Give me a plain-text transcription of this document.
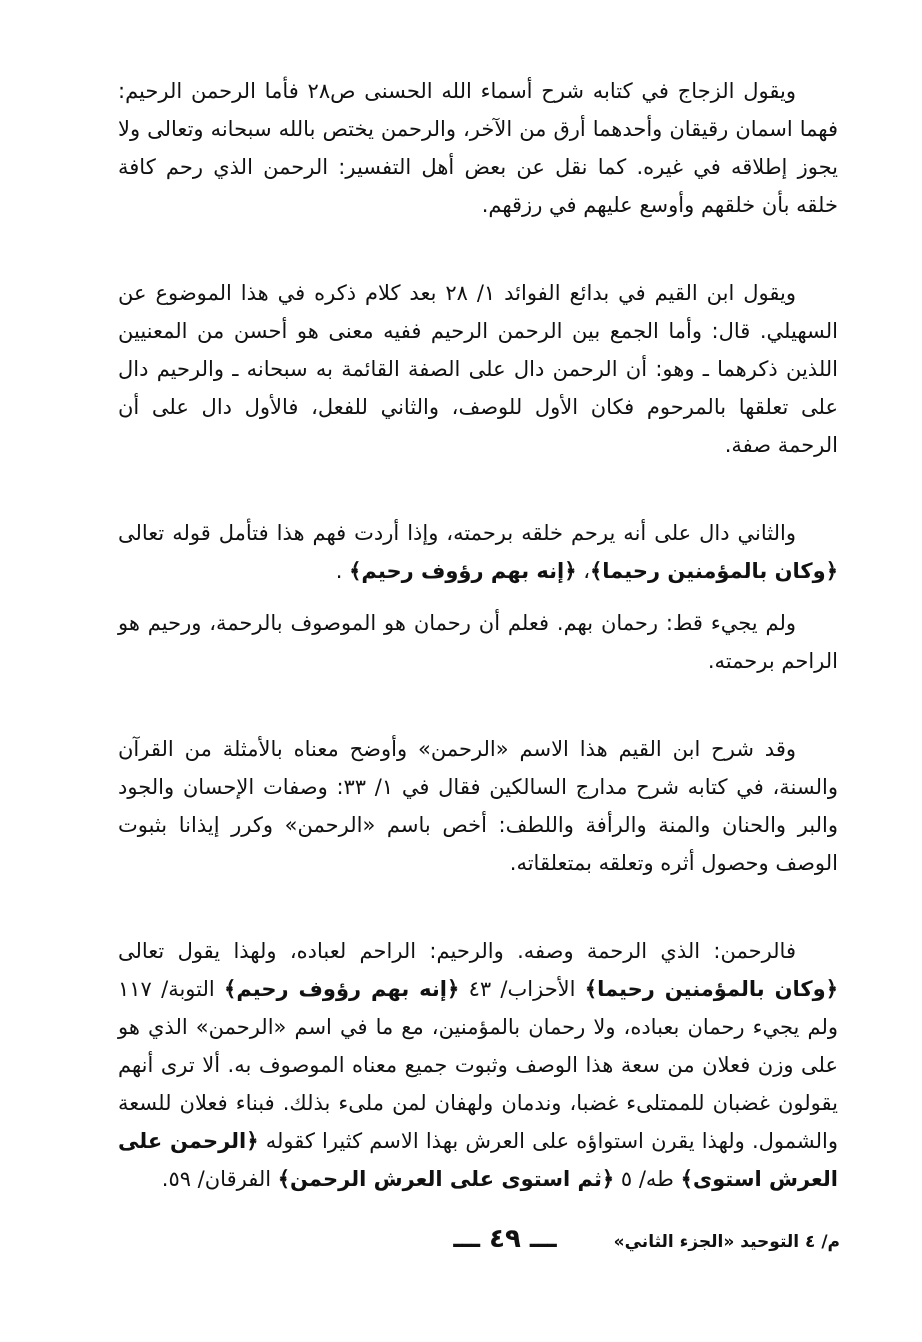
ويقول الزجاج في كتابه شرح أسماء الله الحسنى ص٢٨ فأما الرحمن الرحيم: فهما اسمان رقيقان وأحدهما أرق من الآخر، والرحمن يختص بالله سبحانه وتعالى ولا يجوز إطلاقه في غيره. كما نقل عن بعض أهل التفسير: الرحمن الذي رحم كافة خلقه بأن خلقهم وأوسع عليهم في رزقهم.

ويقول ابن القيم في بدائع الفوائد ١/ ٢٨ بعد كلام ذكره في هذا الموضوع عن السهيلي. قال: وأما الجمع بين الرحمن الرحيم ففيه معنى هو أحسن من المعنيين اللذين ذكرهما ـ وهو: أن الرحمن دال على الصفة القائمة به سبحانه ـ والرحيم دال على تعلقها بالمرحوم فكان الأول للوصف، والثاني للفعل، فالأول دال على أن الرحمة صفة.

والثاني دال على أنه يرحم خلقه برحمته، وإذا أردت فهم هذا فتأمل قوله تعالى ﴿وكان بالمؤمنين رحيما﴾، ﴿إنه بهم رؤوف رحيم﴾ .

ولم يجيء قط: رحمان بهم. فعلم أن رحمان هو الموصوف بالرحمة، ورحيم هو الراحم برحمته.

وقد شرح ابن القيم هذا الاسم «الرحمن» وأوضح معناه بالأمثلة من القرآن والسنة، في كتابه شرح مدارج السالكين فقال في ١/ ٣٣: وصفات الإحسان والجود والبر والحنان والمنة والرأفة واللطف: أخص باسم «الرحمن» وكرر إيذانا بثبوت الوصف وحصول أثره وتعلقه بمتعلقاته.

فالرحمن: الذي الرحمة وصفه. والرحيم: الراحم لعباده، ولهذا يقول تعالى ﴿وكان بالمؤمنين رحيما﴾ الأحزاب/ ٤٣ ﴿إنه بهم رؤوف رحيم﴾ التوبة/ ١١٧ ولم يجيء رحمان بعباده، ولا رحمان بالمؤمنين، مع ما في اسم «الرحمن» الذي هو على وزن فعلان من سعة هذا الوصف وثبوت جميع معناه الموصوف به. ألا ترى أنهم يقولون غضبان للممتلىء غضبا، وندمان ولهفان لمن ملىء بذلك. فبناء فعلان للسعة والشمول. ولهذا يقرن استواؤه على العرش بهذا الاسم كثيرا كقوله ﴿الرحمن على العرش استوى﴾ طه/ ٥ ﴿ثم استوى على العرش الرحمن﴾ الفرقان/ ٥٩.

م/ ٤ التوحيد «الجزء الثاني»
ـــ ٤٩ ـــ
